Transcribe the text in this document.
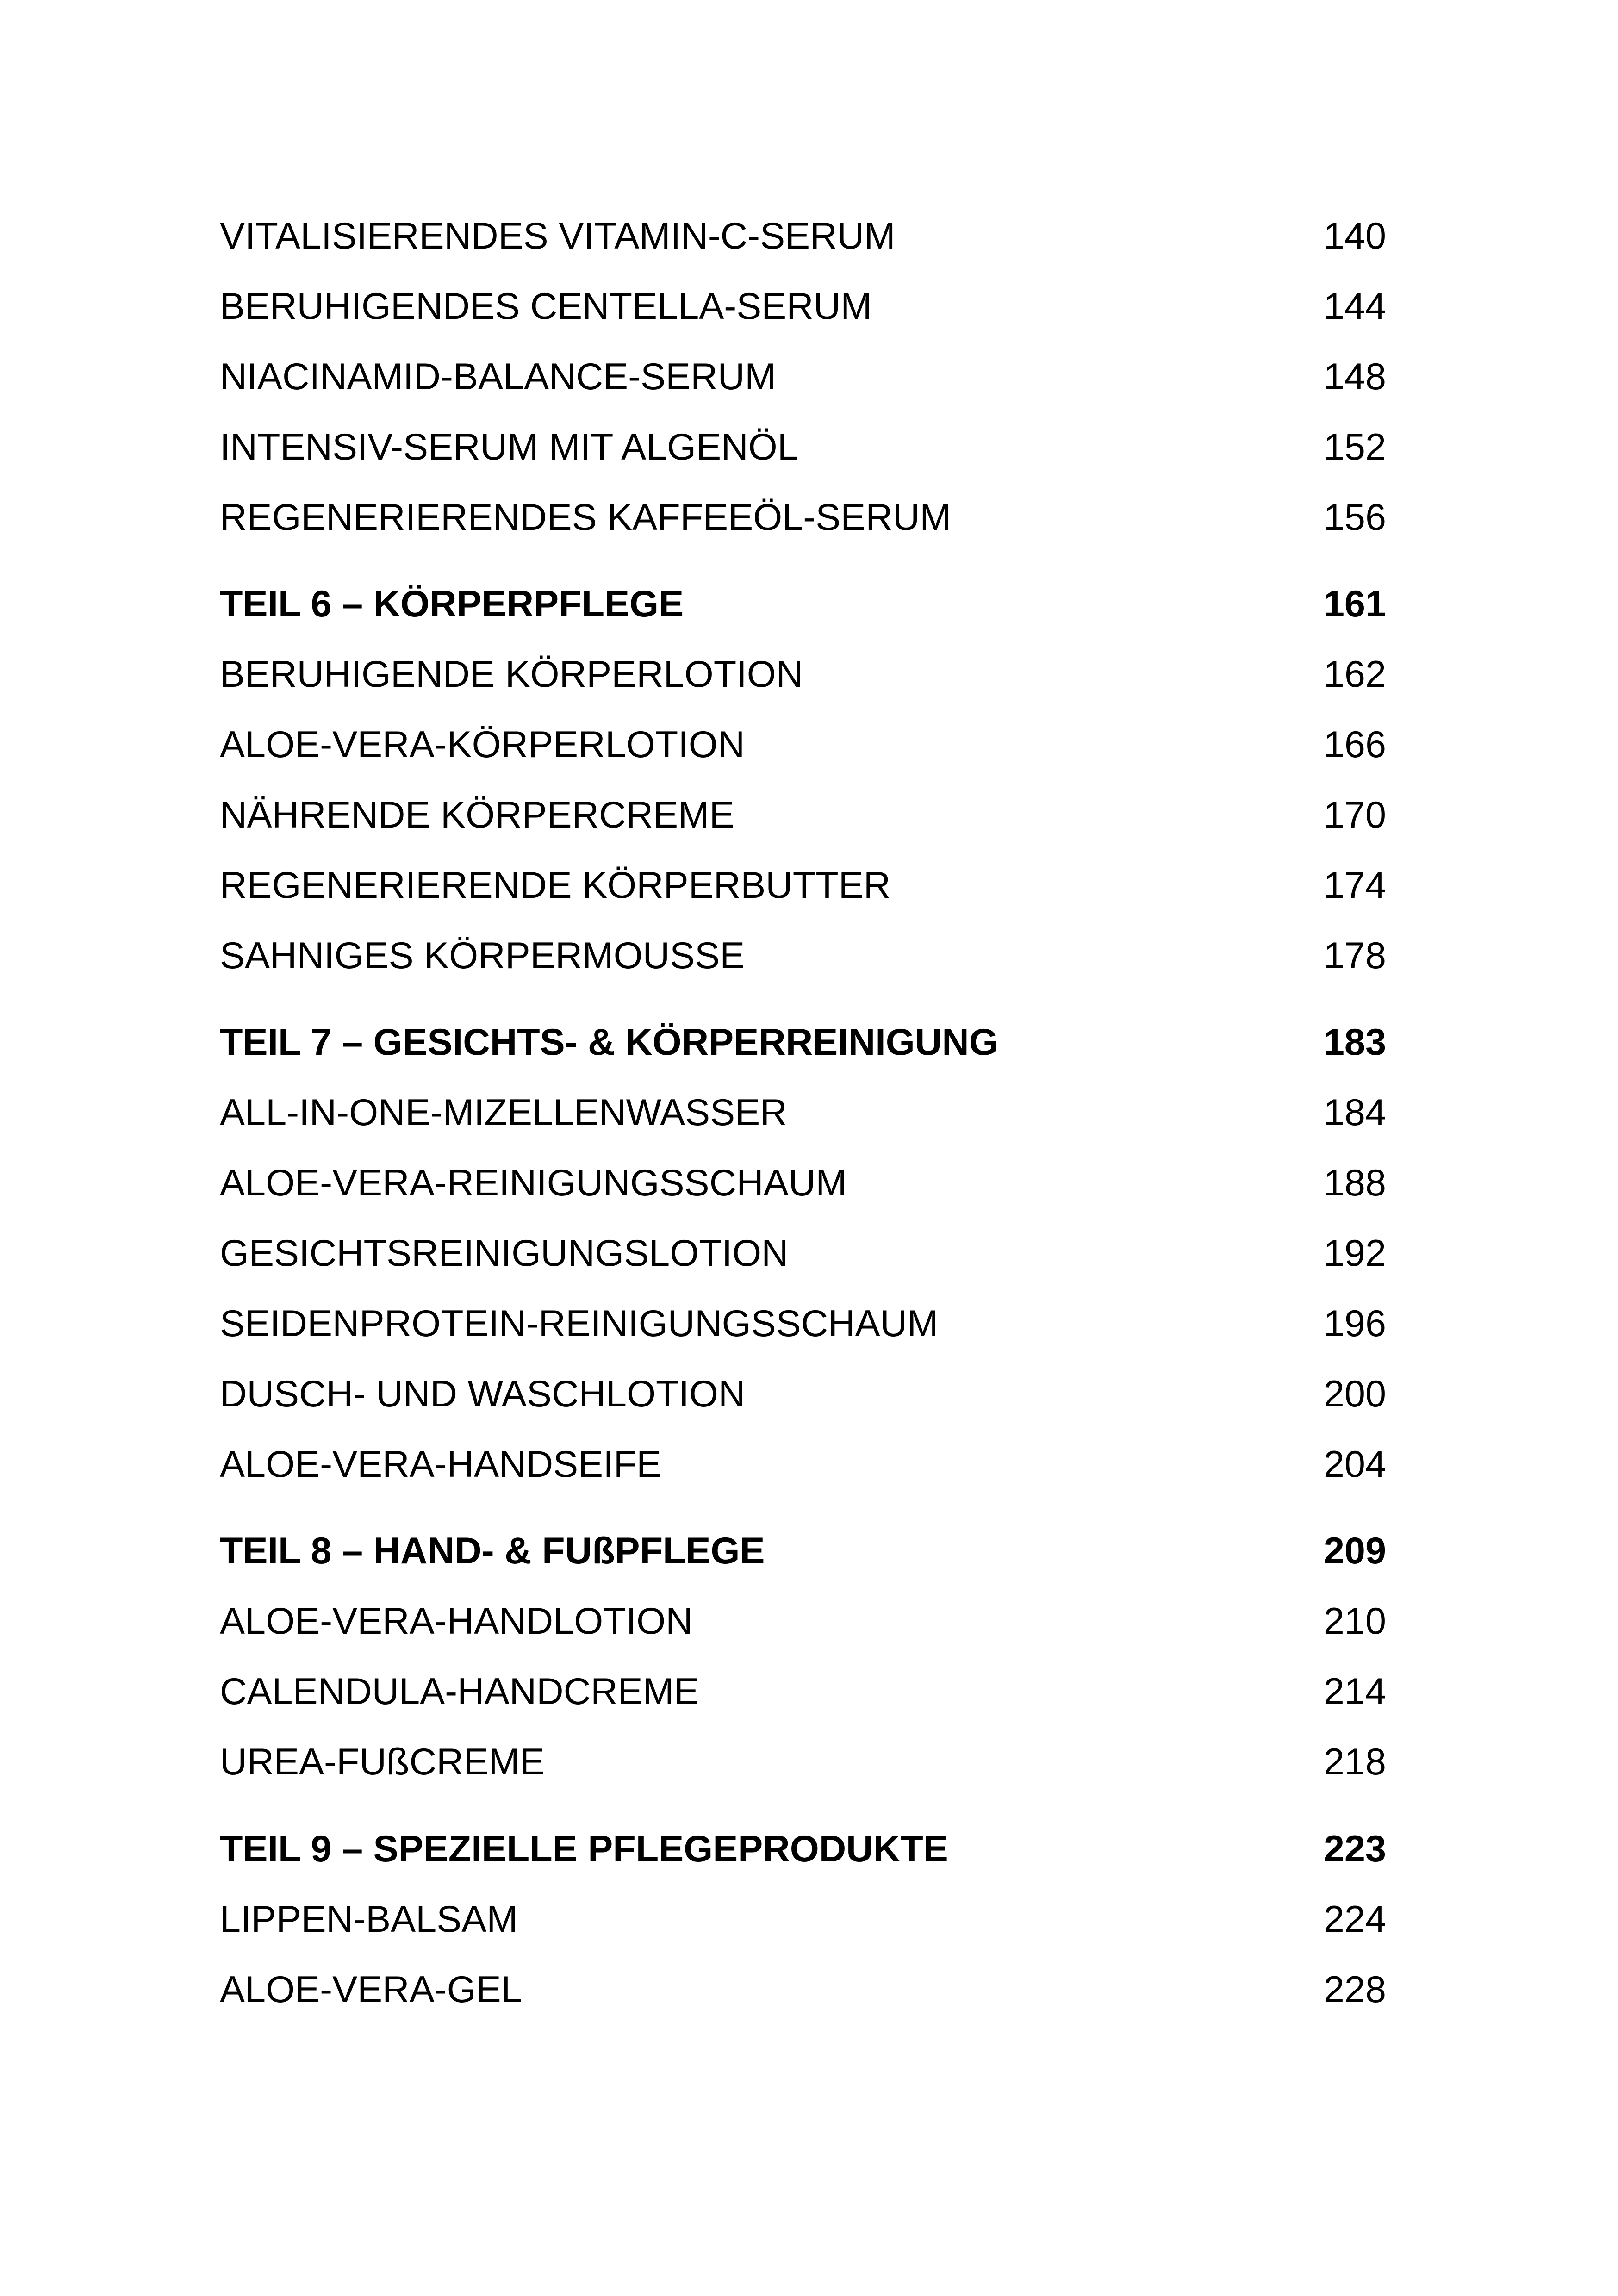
VITALISIERENDES VITAMIN-C-SERUM	140
BERUHIGENDES CENTELLA-SERUM	144
NIACINAMID-BALANCE-SERUM	148
INTENSIV-SERUM MIT ALGENÖL	152
REGENERIERENDES KAFFEEÖL-SERUM	156
TEIL 6 – KÖRPERPFLEGE	161
BERUHIGENDE KÖRPERLOTION	162
ALOE-VERA-KÖRPERLOTION	166
NÄHRENDE KÖRPERCREME	170
REGENERIERENDE KÖRPERBUTTER	174
SAHNIGES KÖRPERMOUSSE	178
TEIL 7 – GESICHTS- & KÖRPERREINIGUNG	183
ALL-IN-ONE-MIZELLENWASSER	184
ALOE-VERA-REINIGUNGSSCHAUM	188
GESICHTSREINIGUNGSLOTION	192
SEIDENPROTEIN-REINIGUNGSSCHAUM	196
DUSCH- UND WASCHLOTION	200
ALOE-VERA-HANDSEIFE	204
TEIL 8 – HAND- & FUßPFLEGE	209
ALOE-VERA-HANDLOTION	210
CALENDULA-HANDCREME	214
UREA-FUßCREME	218
TEIL 9 – SPEZIELLE PFLEGEPRODUKTE	223
LIPPEN-BALSAM	224
ALOE-VERA-GEL	228
